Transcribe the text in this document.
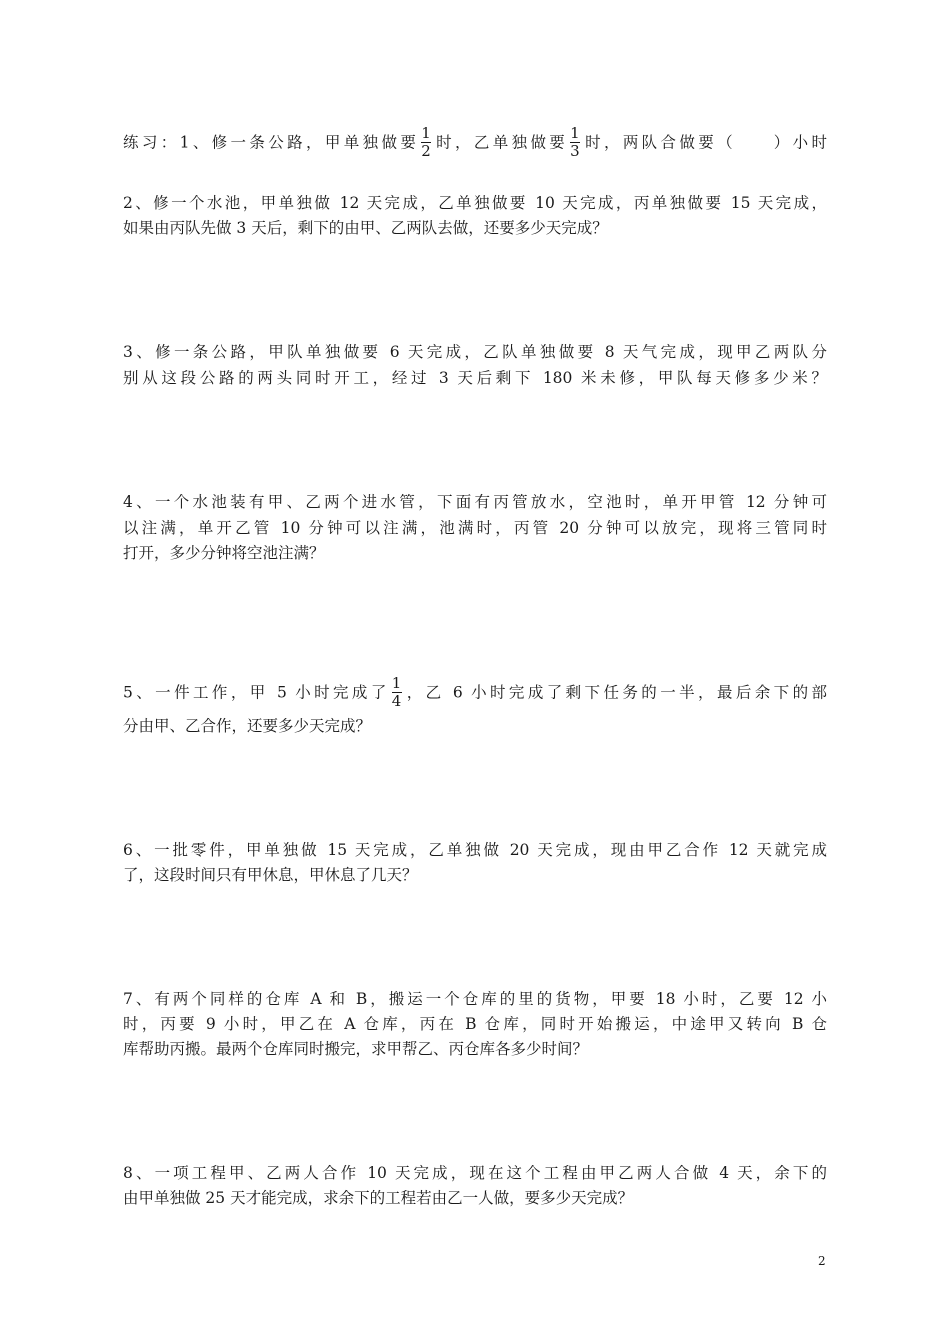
练习：1、修一条公路，甲单独做要 $\frac{1}{2}$ 时，乙单独做要 $\frac{1}{3}$ 时，两队合做要（　　）小时
2、修一个水池，甲单独做 12 天完成，乙单独做要 10 天完成，丙单独做要 15 天完成，
如果由丙队先做 3 天后，剩下的由甲、乙两队去做，还要多少天完成？
3、修一条公路，甲队单独做要 6 天完成，乙队单独做要 8 天气完成，现甲乙两队分
别从这段公路的两头同时开工，经过 3 天后剩下 180 米未修，甲队每天修多少米？
4、一个水池装有甲、乙两个进水管，下面有丙管放水，空池时，单开甲管 12 分钟可
以注满，单开乙管 10 分钟可以注满，池满时，丙管 20 分钟可以放完，现将三管同时
打开，多少分钟将空池注满？
5、一件工作，甲 5 小时完成了 $\frac{1}{4}$ ，乙 6 小时完成了剩下任务的一半，最后余下的部
分由甲、乙合作，还要多少天完成？
6、一批零件，甲单独做 15 天完成，乙单独做 20 天完成，现由甲乙合作 12 天就完成
了，这段时间只有甲休息，甲休息了几天？
7、有两个同样的仓库 A 和 B，搬运一个仓库的里的货物，甲要 18 小时，乙要 12 小
时，丙要 9 小时，甲乙在 A 仓库，丙在 B 仓库，同时开始搬运，中途甲又转向 B 仓
库帮助丙搬。最两个仓库同时搬完，求甲帮乙、丙仓库各多少时间？
8、一项工程甲、乙两人合作 10 天完成，现在这个工程由甲乙两人合做 4 天，余下的
由甲单独做 25 天才能完成，求余下的工程若由乙一人做，要多少天完成？
2
